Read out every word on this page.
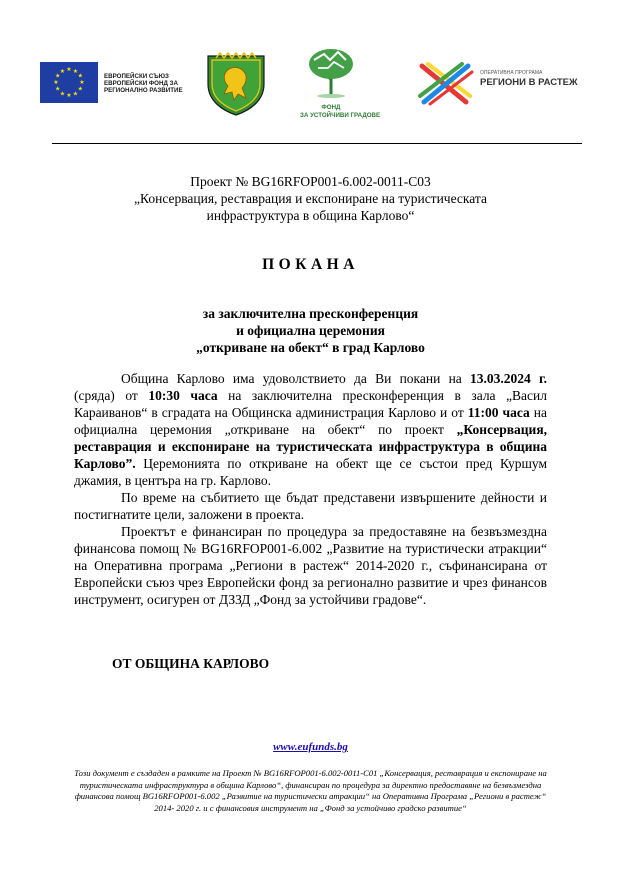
★ ★
★
★
★
★
★
★
★
★
★
★
ЕВРОПЕЙСКИ СЪЮЗ
ЕВРОПЕЙСКИ ФОНД ЗА
РЕГИОНАЛНО РАЗВИТИЕ
ФОНД
ЗА УСТОЙЧИВИ ГРАДОВЕ
ОПЕРАТИВНА ПРОГРАМА
РЕГИОНИ В РАСТЕЖ
Проект № BG16RFOP001-6.002-0011-C03
„Консервация, реставрация и експониране на туристическата
инфраструктура в община Карлово“
ПОКАНА
за заключителна пресконференция
и официална церемония
„откриване на обект“ в град Карлово

Община Карлово има удоволствието да Ви покани на 13.03.2024 г. (сряда) от 10:30 часа на заключителна пресконференция в зала „Васил Караиванов“ в сградата на Общинска администрация Карлово и от 11:00 часа на официална церемония „откриване на обект“ по проект „Консервация, реставрация и експониране на туристическата инфраструктура в община Карлово”. Церемонията по откриване на обект ще се състои пред Куршум джамия, в центъра на гр. Карлово.

По време на събитието ще бъдат представени извършените дейности и постигнатите цели, заложени в проекта.

Проектът е финансиран по процедура за предоставяне на безвъзмездна финансова помощ № BG16RFOP001-6.002 „Развитие на туристически атракции“ на Оперативна програма „Региони в растеж“ 2014-2020 г., съфинансирана от Европейски съюз чрез Европейски фонд за регионално развитие и чрез финансов инструмент, осигурен от ДЗЗД „Фонд за устойчиви градове“.

ОТ ОБЩИНА КАРЛОВО
www.eufunds.bg
Този документ е създаден в рамките на Проект № BG16RFOP001-6.002-0011-C01 „Консервация, реставрация и експониране на туристическата инфраструктура в община Карлово“, финансиран по процедура за директно предоставяне на безвъзмездна финансова помощ BG16RFOP001-6.002 „Развитие на туристически атракции“ на Оперативна Програма „Региони в растеж“ 2014- 2020 г. и с финансовия инструмент на „Фонд за устойчиво градско развитие“
